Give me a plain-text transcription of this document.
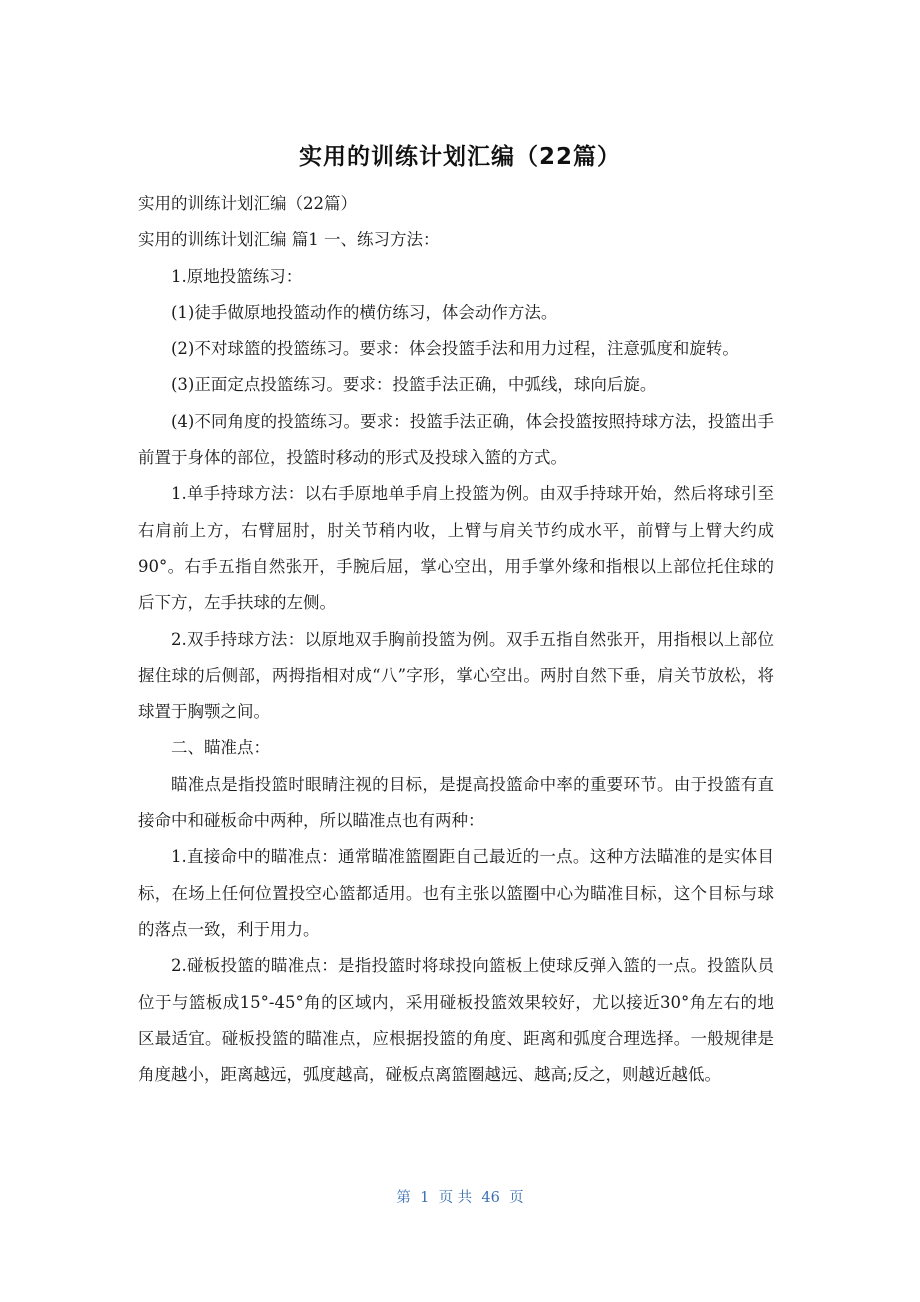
实用的训练计划汇编（22篇）

实用的训练计划汇编（22篇）

实用的训练计划汇编 篇1 一、练习方法：

1.原地投篮练习：

(1)徒手做原地投篮动作的横仿练习，体会动作方法。

(2)不对球篮的投篮练习。要求：体会投篮手法和用力过程，注意弧度和旋转。

(3)正面定点投篮练习。要求：投篮手法正确，中弧线，球向后旋。

(4)不同角度的投篮练习。要求：投篮手法正确，体会投篮按照持球方法，投篮出手前置于身体的部位，投篮时移动的形式及投球入篮的方式。

1.单手持球方法：以右手原地单手肩上投篮为例。由双手持球开始，然后将球引至右肩前上方，右臂屈肘，肘关节稍内收，上臂与肩关节约成水平，前臂与上臂大约成90°。右手五指自然张开，手腕后屈，掌心空出，用手掌外缘和指根以上部位托住球的后下方，左手扶球的左侧。

2.双手持球方法：以原地双手胸前投篮为例。双手五指自然张开，用指根以上部位握住球的后侧部，两拇指相对成“八”字形，掌心空出。两肘自然下垂，肩关节放松，将球置于胸颚之间。

二、瞄准点：

瞄准点是指投篮时眼睛注视的目标，是提高投篮命中率的重要环节。由于投篮有直接命中和碰板命中两种，所以瞄准点也有两种：

1.直接命中的瞄准点：通常瞄准篮圈距自己最近的一点。这种方法瞄准的是实体目标，在场上任何位置投空心篮都适用。也有主张以篮圈中心为瞄准目标，这个目标与球的落点一致，利于用力。

2.碰板投篮的瞄准点：是指投篮时将球投向篮板上使球反弹入篮的一点。投篮队员位于与篮板成15°-45°角的区域内，采用碰板投篮效果较好，尤以接近30°角左右的地区最适宜。碰板投篮的瞄准点，应根据投篮的角度、距离和弧度合理选择。一般规律是角度越小，距离越远，弧度越高，碰板点离篮圈越远、越高;反之，则越近越低。

第  1  页 共  46  页
